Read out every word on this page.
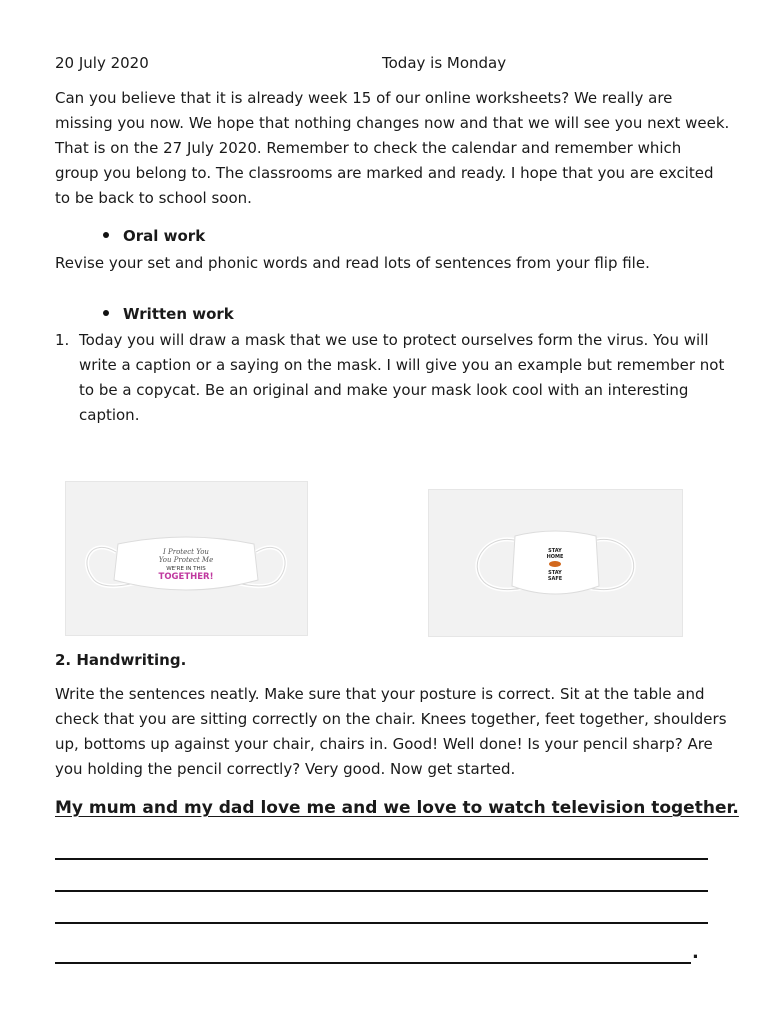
20 July 2020	Today is Monday
Can you believe that it is already week 15 of our online worksheets? We really are
missing you now. We hope that nothing changes now and that we will see you next week.
That is on the 27 July 2020. Remember to check the calendar and remember which
group you belong to. The classrooms are marked and ready. I hope that you are excited
to be back to school soon.
Oral work
Revise your set and phonic words and read lots of sentences from your flip file.
Written work
1. Today you will draw a mask that we use to protect ourselves form the virus. You will
write a caption or a saying on the mask. I will give you an example but remember not
to be a copycat. Be an original and make your mask look cool with an interesting
caption.
I Protect You
You Protect Me
WE'RE IN THIS
TOGETHER!
STAY
HOME
STAY
SAFE
2. Handwriting.
Write the sentences neatly. Make sure that your posture is correct. Sit at the table and
check that you are sitting correctly on the chair. Knees together, feet together, shoulders
up, bottoms up against your chair, chairs in. Good! Well done! Is your pencil sharp? Are
you holding the pencil correctly? Very good. Now get started.
My mum and my dad love me and we love to watch television together.
.
